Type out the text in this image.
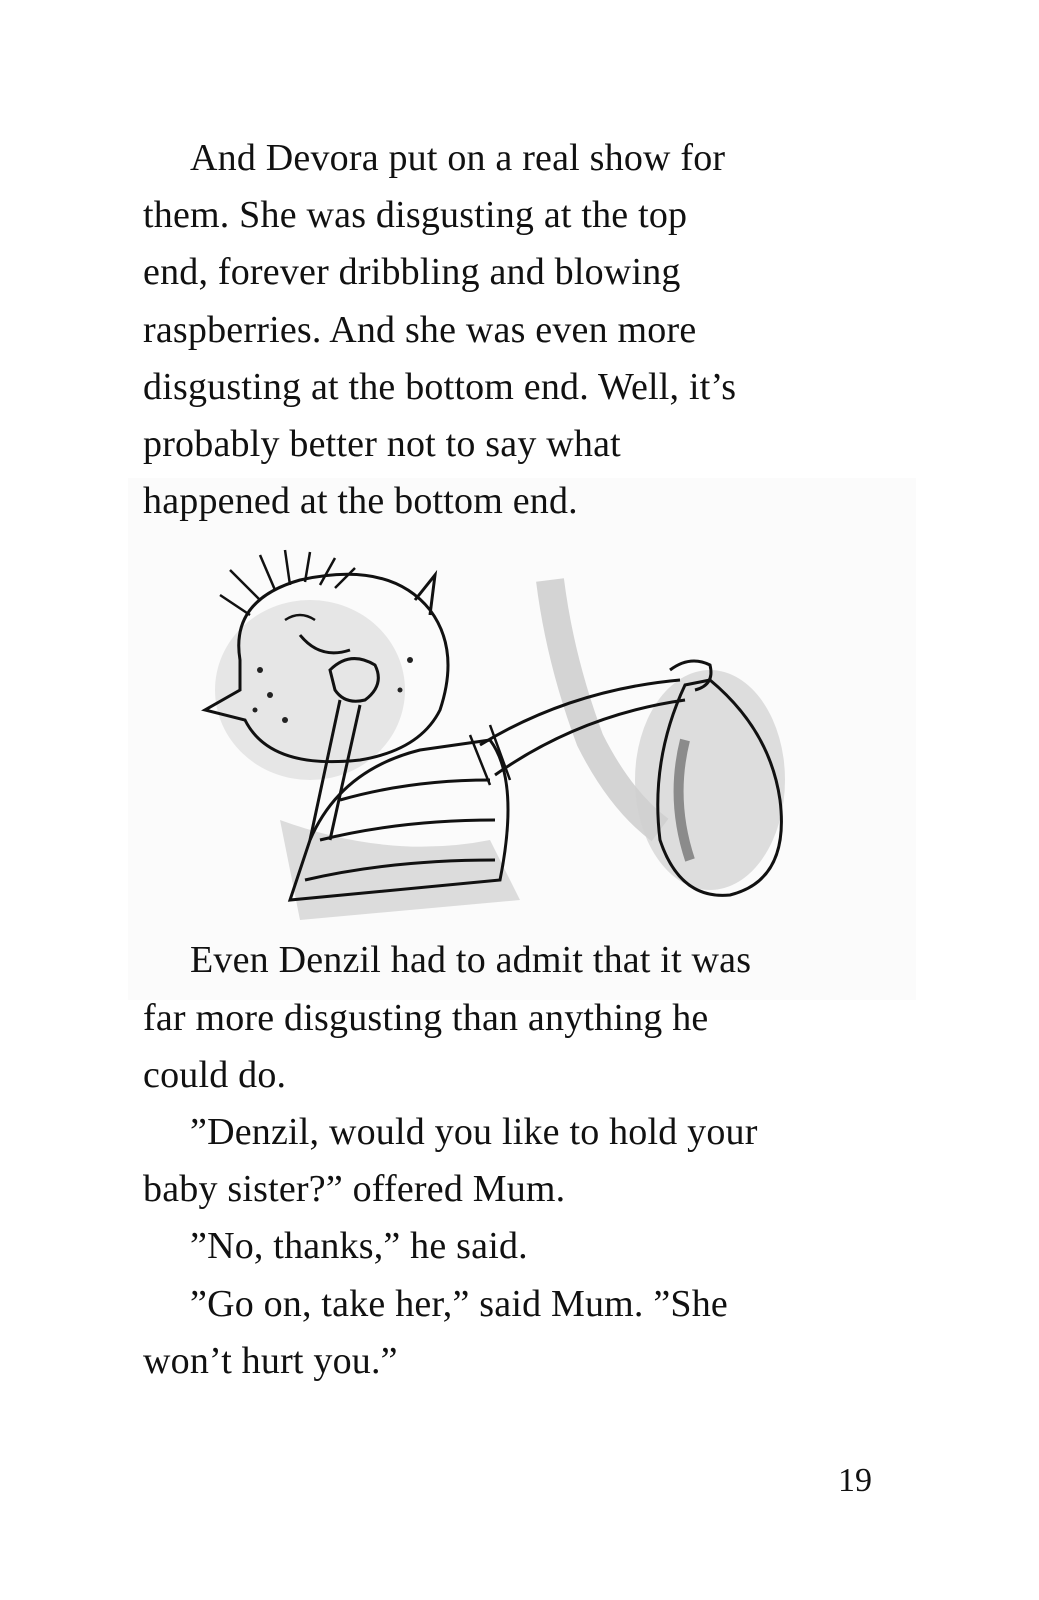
And Devora put on a real show for
them. She was disgusting at the top
end, forever dribbling and blowing
raspberries. And she was even more
disgusting at the bottom end. Well, it’s
probably better not to say what
happened at the bottom end.
Even Denzil had to admit that it was
far more disgusting than anything he
could do.
”Denzil, would you like to hold your
baby sister?” offered Mum.
”No, thanks,” he said.
”Go on, take her,” said Mum. ”She
won’t hurt you.”
19
